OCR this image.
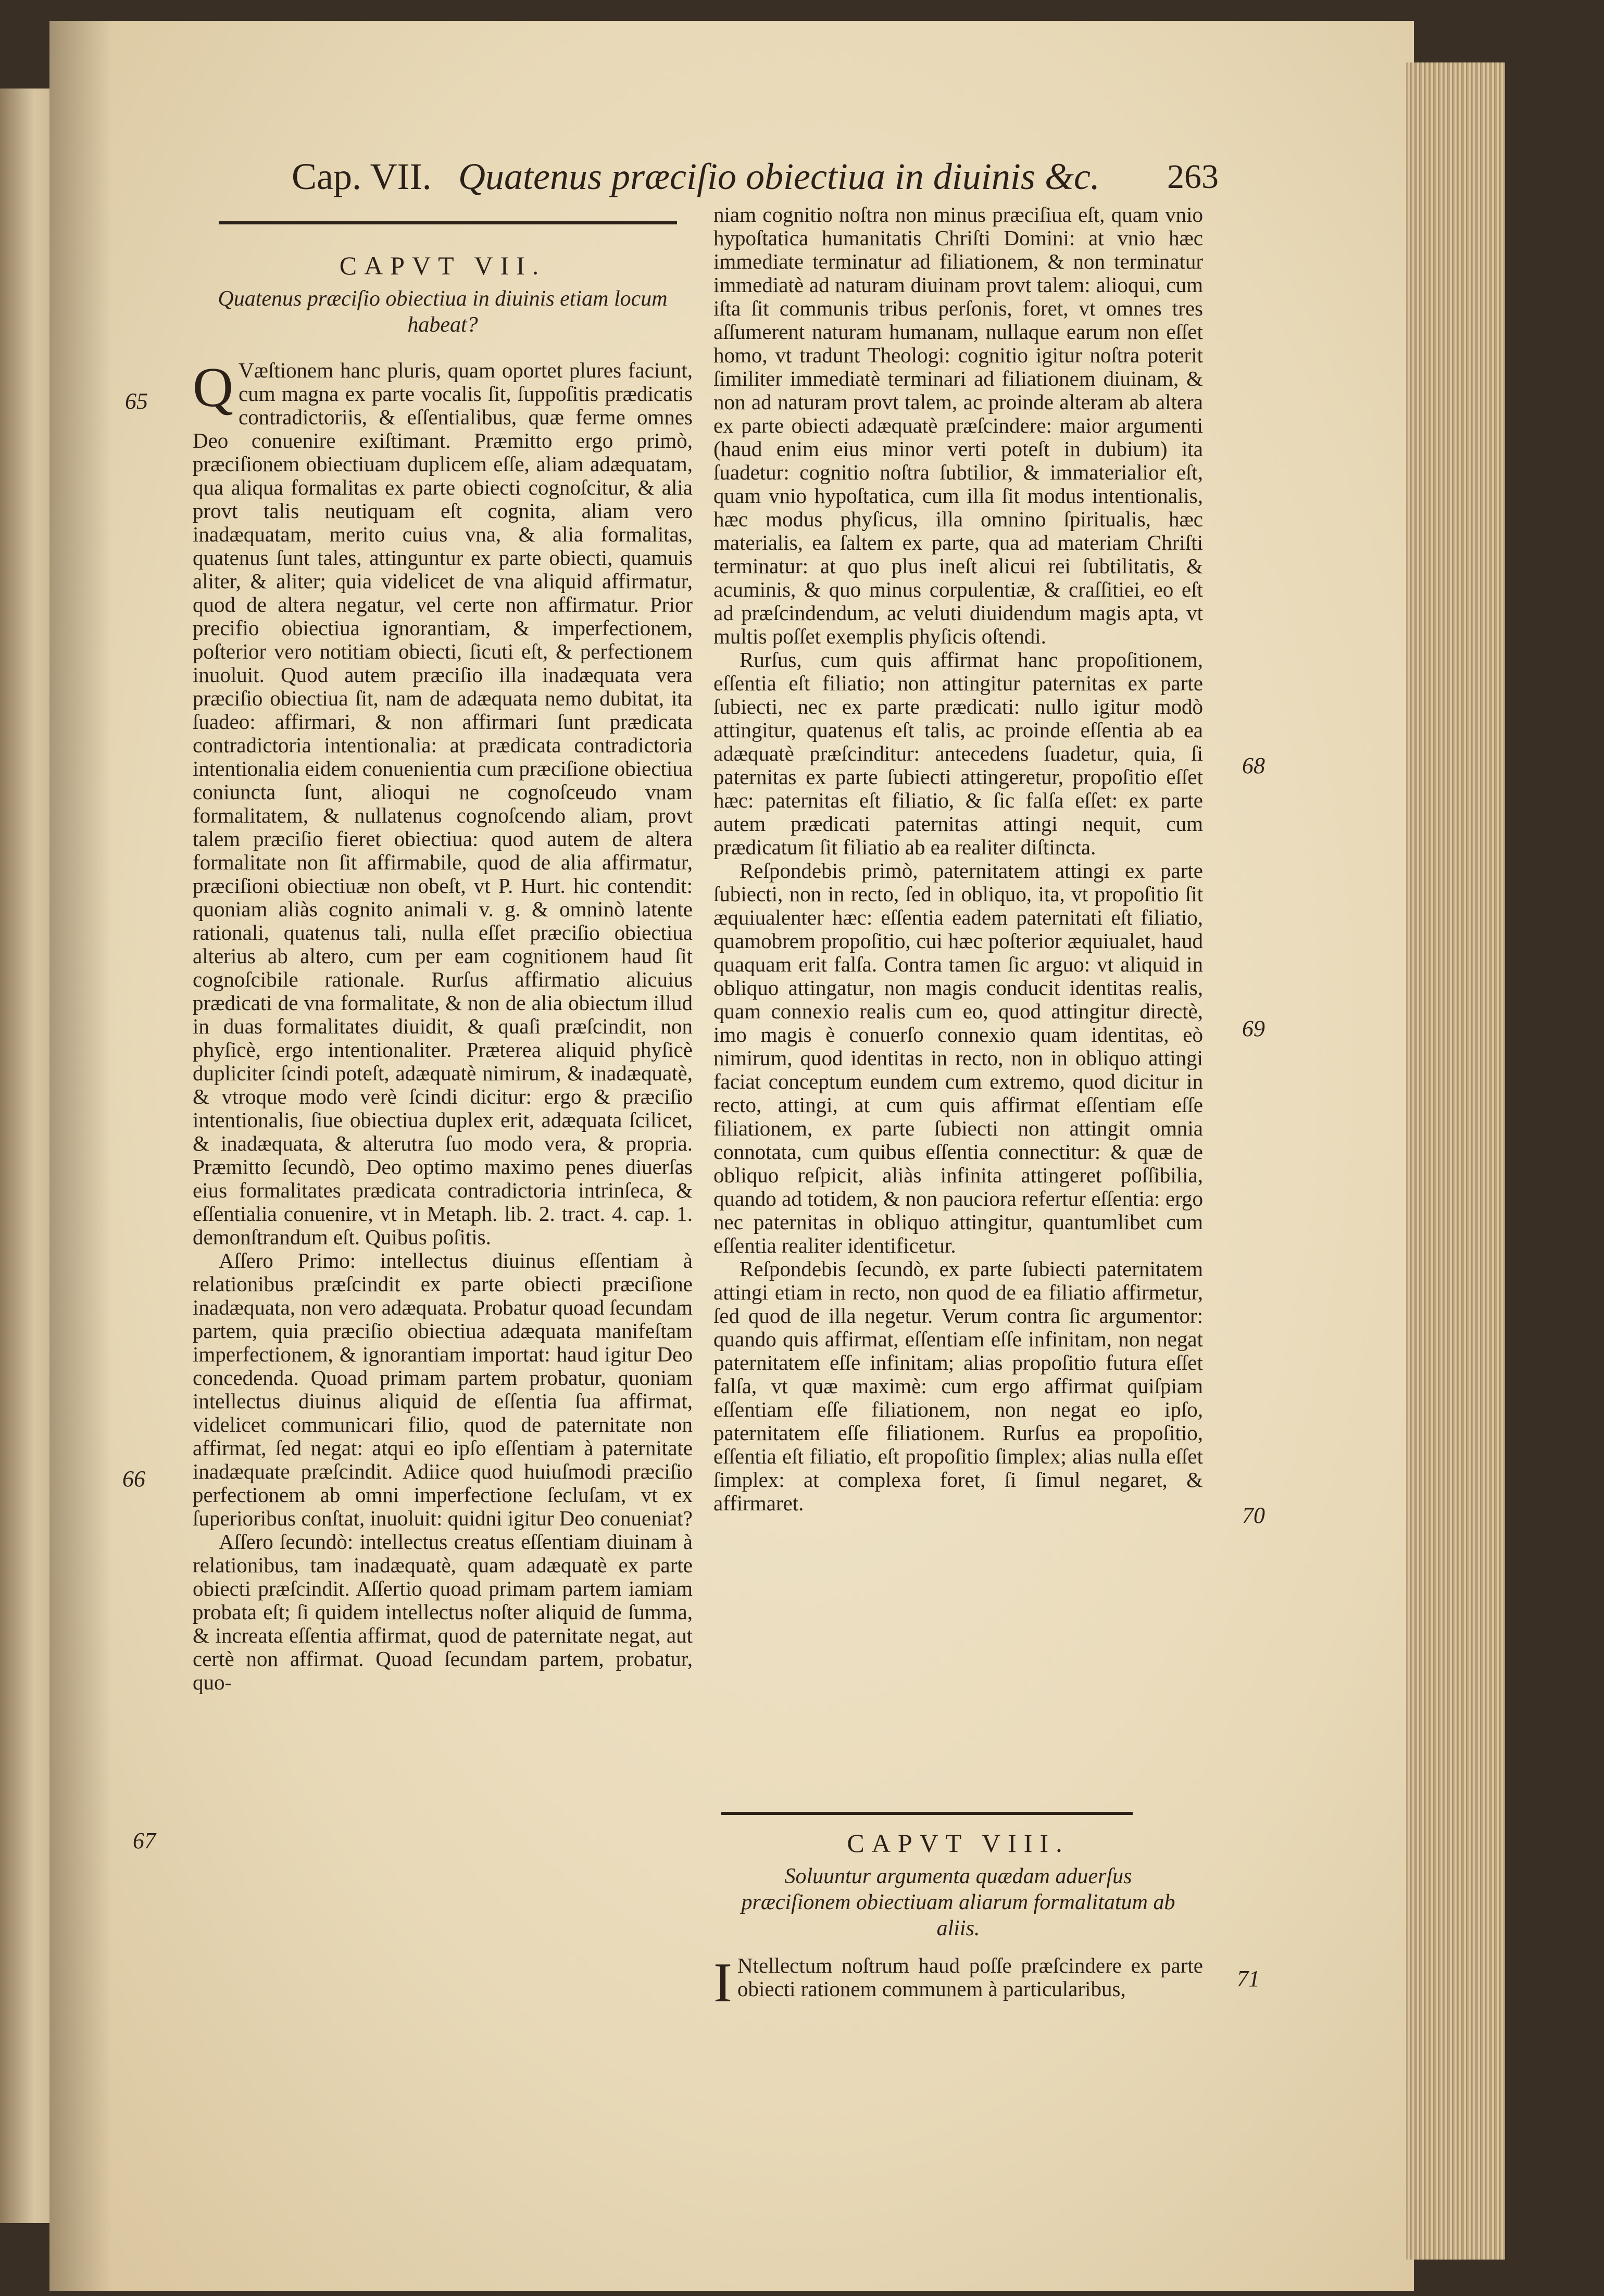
Cap. VII. Quatenus præciſio obiectiua in diuinis &c. 263
CAPVT VII.
Quatenus præciſio obiectiua in diuinis etiam locum habeat?

Q Væſtionem hanc pluris, quam oportet plures faciunt, cum magna ex parte vocalis ſit, ſuppoſitis prædicatis contradictoriis, & eſſentialibus, quæ ferme omnes Deo conuenire exiſtimant. Præmitto ergo primò, præciſionem obiectiuam duplicem eſſe, aliam adæquatam, qua aliqua formalitas ex parte obiecti cognoſcitur, & alia provt talis neutiquam eſt cognita, aliam vero inadæquatam, merito cuius vna, & alia formalitas, quatenus ſunt tales, attinguntur ex parte obiecti, quamuis aliter, & aliter; quia videlicet de vna aliquid affirmatur, quod de altera negatur, vel certe non affirmatur. Prior precifio obiectiua ignorantiam, & imperfectionem, poſterior vero notitiam obiecti, ſicuti eſt, & perfectionem inuoluit. Quod autem præciſio illa inadæquata vera præciſio obiectiua ſit, nam de adæquata nemo dubitat, ita ſuadeo: affirmari, & non affirmari ſunt prædicata contradictoria intentionalia: at prædicata contradictoria intentionalia eidem conuenientia cum præciſione obiectiua coniuncta ſunt, alioqui ne cognoſceudo vnam formalitatem, & nullatenus cognoſcendo aliam, provt talem præciſio fieret obiectiua: quod autem de altera formalitate non ſit affirmabile, quod de alia affirmatur, præciſioni obiectiuæ non obeſt, vt P. Hurt. hic contendit: quoniam aliàs cognito animali v. g. & omninò latente rationali, quatenus tali, nulla eſſet præciſio obiectiua alterius ab altero, cum per eam cognitionem haud ſit cognoſcibile rationale. Rurſus affirmatio alicuius prædicati de vna formalitate, & non de alia obiectum illud in duas formalitates diuidit, & quaſi præſcindit, non phyſicè, ergo intentionaliter. Præterea aliquid phyſicè dupliciter ſcindi poteſt, adæquatè nimirum, & inadæquatè, & vtroque modo verè ſcindi dicitur: ergo & præciſio intentionalis, ſiue obiectiua duplex erit, adæquata ſcilicet, & inadæquata, & alterutra ſuo modo vera, & propria. Præmitto ſecundò, Deo optimo maximo penes diuerſas eius formalitates prædicata contradictoria intrinſeca, & eſſentialia conuenire, vt in Metaph. lib. 2. tract. 4. cap. 1. demonſtrandum eſt. Quibus poſitis.

Aſſero Primo: intellectus diuinus eſſentiam à relationibus præſcindit ex parte obiecti præciſione inadæquata, non vero adæquata. Probatur quoad ſecundam partem, quia præciſio obiectiua adæquata manifeſtam imperfectionem, & ignorantiam importat: haud igitur Deo concedenda. Quoad primam partem probatur, quoniam intellectus diuinus aliquid de eſſentia ſua affirmat, videlicet communicari filio, quod de paternitate non affirmat, ſed negat: atqui eo ipſo eſſentiam à paternitate inadæquate præſcindit. Adiice quod huiuſmodi præciſio perfectionem ab omni imperfectione ſecluſam, vt ex ſuperioribus conſtat, inuoluit: quidni igitur Deo conueniat?

Aſſero ſecundò: intellectus creatus eſſentiam diuinam à relationibus, tam inadæquatè, quam adæquatè ex parte obiecti præſcindit. Aſſertio quoad primam partem iamiam probata eſt; ſi quidem intellectus noſter aliquid de ſumma, & increata eſſentia affirmat, quod de paternitate negat, aut certè non affirmat. Quoad ſecundam partem, probatur, quo-

niam cognitio noſtra non minus præciſiua eſt, quam vnio hypoſtatica humanitatis Chriſti Domini: at vnio hæc immediate terminatur ad filiationem, & non terminatur immediatè ad naturam diuinam provt talem: alioqui, cum iſta ſit communis tribus perſonis, foret, vt omnes tres aſſumerent naturam humanam, nullaque earum non eſſet homo, vt tradunt Theologi: cognitio igitur noſtra poterit ſimiliter immediatè terminari ad filiationem diuinam, & non ad naturam provt talem, ac proinde alteram ab altera ex parte obiecti adæquatè præſcindere: maior argumenti (haud enim eius minor verti poteſt in dubium) ita ſuadetur: cognitio noſtra ſubtilior, & immaterialior eſt, quam vnio hypoſtatica, cum illa ſit modus intentionalis, hæc modus phyſicus, illa omnino ſpiritualis, hæc materialis, ea ſaltem ex parte, qua ad materiam Chriſti terminatur: at quo plus ineſt alicui rei ſubtilitatis, & acuminis, & quo minus corpulentiæ, & craſſitiei, eo eſt ad præſcindendum, ac veluti diuidendum magis apta, vt multis poſſet exemplis phyſicis oſtendi.

Rurſus, cum quis affirmat hanc propoſitionem, eſſentia eſt filiatio; non attingitur paternitas ex parte ſubiecti, nec ex parte prædicati: nullo igitur modò attingitur, quatenus eſt talis, ac proinde eſſentia ab ea adæquatè præſcinditur: antecedens ſuadetur, quia, ſi paternitas ex parte ſubiecti attingeretur, propoſitio eſſet hæc: paternitas eſt filiatio, & ſic falſa eſſet: ex parte autem prædicati paternitas attingi nequit, cum prædicatum ſit filiatio ab ea realiter diſtincta.

Reſpondebis primò, paternitatem attingi ex parte ſubiecti, non in recto, ſed in obliquo, ita, vt propoſitio ſit æquiualenter hæc: eſſentia eadem paternitati eſt filiatio, quamobrem propoſitio, cui hæc poſterior æquiualet, haud quaquam erit falſa. Contra tamen ſic arguo: vt aliquid in obliquo attingatur, non magis conducit identitas realis, quam connexio realis cum eo, quod attingitur directè, imo magis è conuerſo connexio quam identitas, eò nimirum, quod identitas in recto, non in obliquo attingi faciat conceptum eundem cum extremo, quod dicitur in recto, attingi, at cum quis affirmat eſſentiam eſſe filiationem, ex parte ſubiecti non attingit omnia connotata, cum quibus eſſentia connectitur: & quæ de obliquo reſpicit, aliàs infinita attingeret poſſibilia, quando ad totidem, & non pauciora refertur eſſentia: ergo nec paternitas in obliquo attingitur, quantumlibet cum eſſentia realiter identificetur.

Reſpondebis ſecundò, ex parte ſubiecti paternitatem attingi etiam in recto, non quod de ea filiatio affirmetur, ſed quod de illa negetur. Verum contra ſic argumentor: quando quis affirmat, eſſentiam eſſe infinitam, non negat paternitatem eſſe infinitam; alias propoſitio futura eſſet falſa, vt quæ maximè: cum ergo affirmat quiſpiam eſſentiam eſſe filiationem, non negat eo ipſo, paternitatem eſſe filiationem. Rurſus ea propoſitio, eſſentia eſt filiatio, eſt propoſitio ſimplex; alias nulla eſſet ſimplex: at complexa foret, ſi ſimul negaret, & affirmaret.

CAPVT VIII.
Soluuntur argumenta quædam aduerſus præciſionem obiectiuam aliarum formalitatum ab aliis.

I Ntellectum noſtrum haud poſſe præſcindere ex parte obiecti rationem communem à particularibus,

65
66
67
68
69
70
71
